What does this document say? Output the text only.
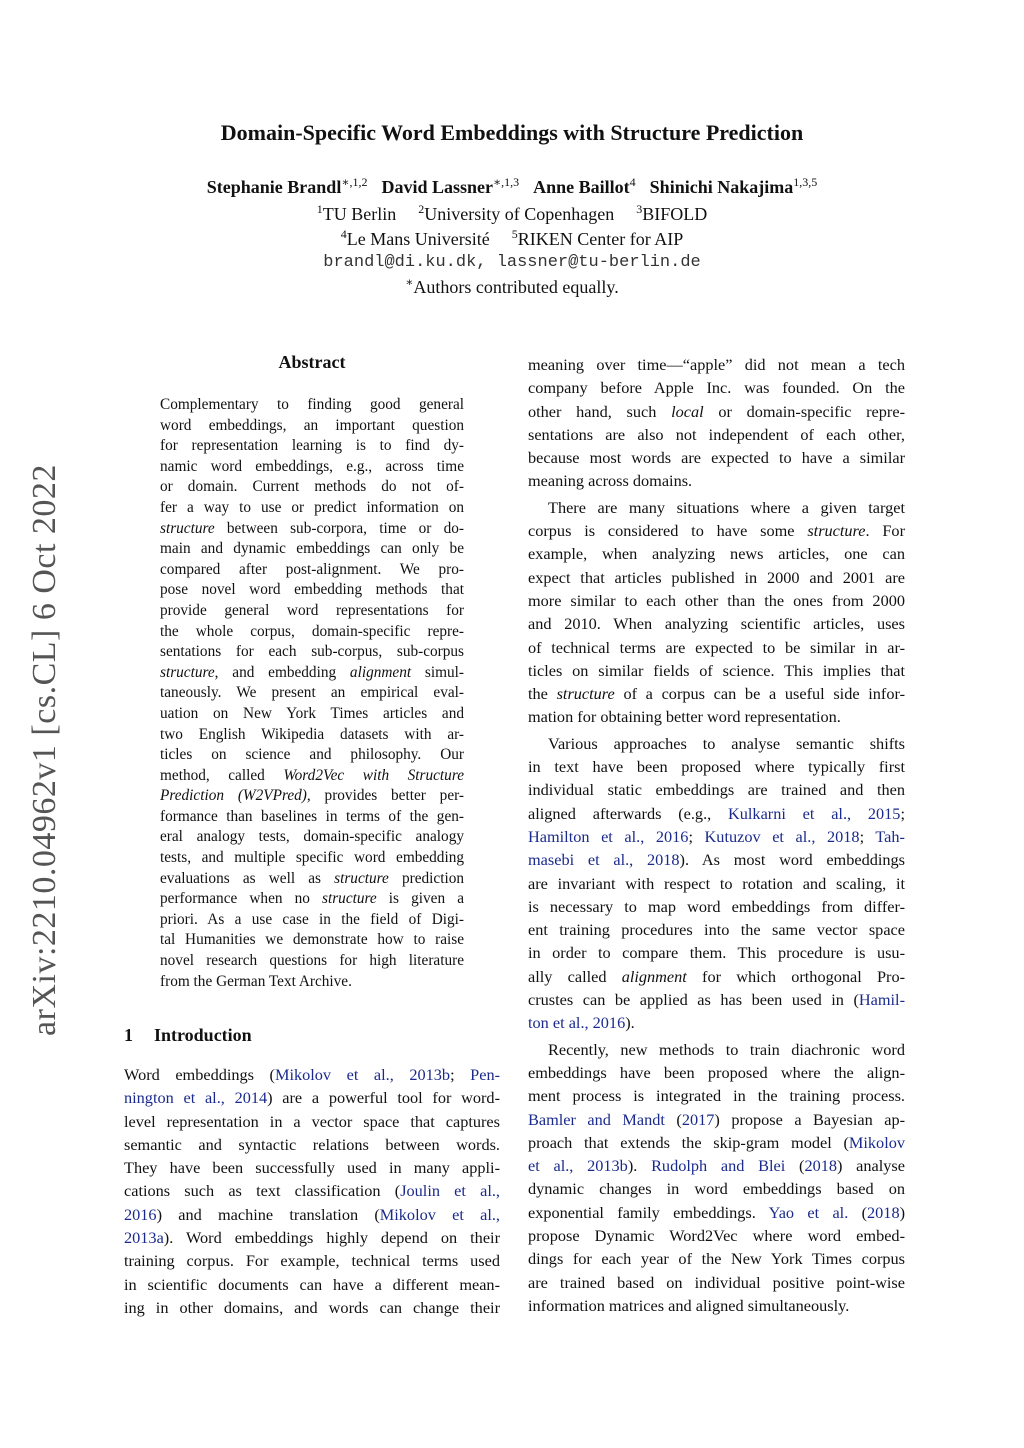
arXiv:2210.04962v1 [cs.CL] 6 Oct 2022
Domain-Specific Word Embeddings with Structure Prediction
Stephanie Brandl$^{∗,1,2}$ David Lassner$^{∗,1,3}$ Anne Baillot$^4$ Shinichi Nakajima$^{1,3,5}$
$^1$TU Berlin $^2$University of Copenhagen $^3$BIFOLD
$^4$Le Mans Université $^5$RIKEN Center for AIP
brandl@di.ku.dk, lassner@tu-berlin.de
∗Authors contributed equally.
Abstract
Complementary to finding good general
word embeddings, an important question
for representation learning is to find dy-
namic word embeddings, e.g., across time
or domain. Current methods do not of-
fer a way to use or predict information on
structure between sub-corpora, time or do-
main and dynamic embeddings can only be
compared after post-alignment. We pro-
pose novel word embedding methods that
provide general word representations for
the whole corpus, domain-specific repre-
sentations for each sub-corpus, sub-corpus
structure, and embedding alignment simul-
taneously. We present an empirical eval-
uation on New York Times articles and
two English Wikipedia datasets with ar-
ticles on science and philosophy. Our
method, called Word2Vec with Structure
Prediction (W2VPred), provides better per-
formance than baselines in terms of the gen-
eral analogy tests, domain-specific analogy
tests, and multiple specific word embedding
evaluations as well as structure prediction
performance when no structure is given a
priori. As a use case in the field of Digi-
tal Humanities we demonstrate how to raise
novel research questions for high literature
from the German Text Archive.
1 Introduction
Word embeddings (Mikolov et al., 2013b; Pen-
nington et al., 2014) are a powerful tool for word-
level representation in a vector space that captures
semantic and syntactic relations between words.
They have been successfully used in many appli-
cations such as text classification (Joulin et al.,
2016) and machine translation (Mikolov et al.,
2013a). Word embeddings highly depend on their
training corpus. For example, technical terms used
in scientific documents can have a different mean-
ing in other domains, and words can change their
meaning over time—“apple” did not mean a tech
company before Apple Inc. was founded. On the
other hand, such local or domain-specific repre-
sentations are also not independent of each other,
because most words are expected to have a similar
meaning across domains.
There are many situations where a given target
corpus is considered to have some structure. For
example, when analyzing news articles, one can
expect that articles published in 2000 and 2001 are
more similar to each other than the ones from 2000
and 2010. When analyzing scientific articles, uses
of technical terms are expected to be similar in ar-
ticles on similar fields of science. This implies that
the structure of a corpus can be a useful side infor-
mation for obtaining better word representation.
Various approaches to analyse semantic shifts
in text have been proposed where typically first
individual static embeddings are trained and then
aligned afterwards (e.g., Kulkarni et al., 2015;
Hamilton et al., 2016; Kutuzov et al., 2018; Tah-
masebi et al., 2018). As most word embeddings
are invariant with respect to rotation and scaling, it
is necessary to map word embeddings from differ-
ent training procedures into the same vector space
in order to compare them. This procedure is usu-
ally called alignment for which orthogonal Pro-
crustes can be applied as has been used in (Hamil-
ton et al., 2016).
Recently, new methods to train diachronic word
embeddings have been proposed where the align-
ment process is integrated in the training process.
Bamler and Mandt (2017) propose a Bayesian ap-
proach that extends the skip-gram model (Mikolov
et al., 2013b). Rudolph and Blei (2018) analyse
dynamic changes in word embeddings based on
exponential family embeddings. Yao et al. (2018)
propose Dynamic Word2Vec where word embed-
dings for each year of the New York Times corpus
are trained based on individual positive point-wise
information matrices and aligned simultaneously.
